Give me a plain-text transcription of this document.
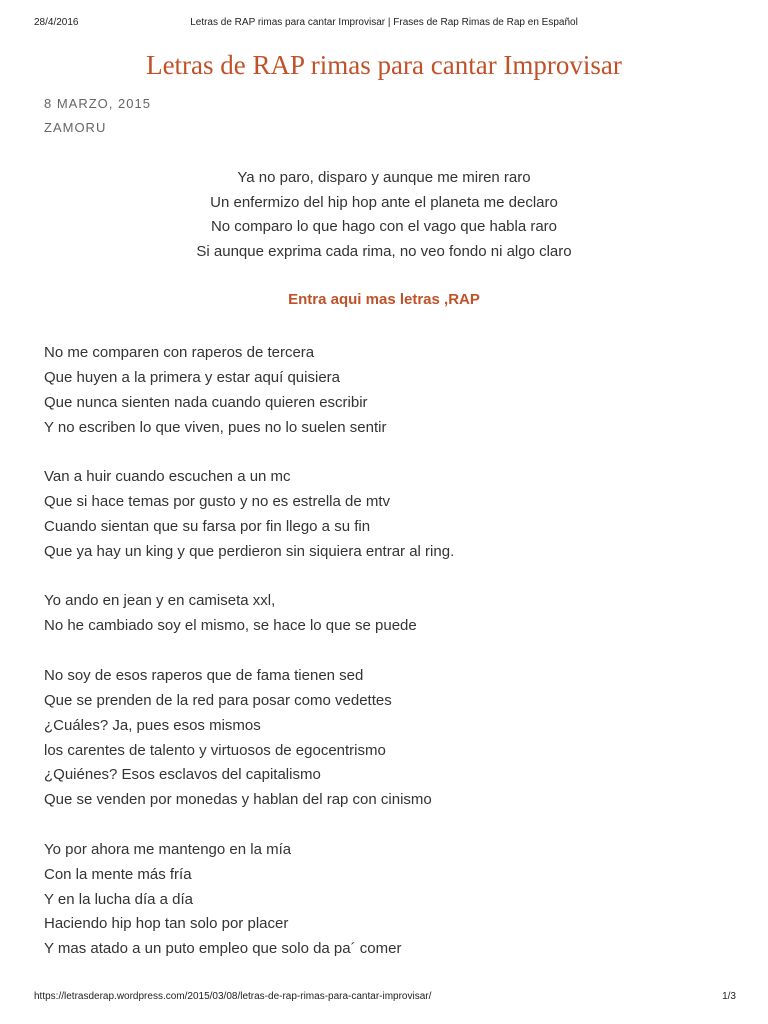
Letras de RAP rimas para cantar Improvisar | Frases de Rap Rimas de Rap en Español
28/4/2016
Letras de RAP rimas para cantar Improvisar
8 MARZO, 2015
ZAMORU
Ya no paro, disparo y aunque me miren raro
Un enfermizo del hip hop ante el planeta me declaro
No comparo lo que hago con el vago que habla raro
Si aunque exprima cada rima, no veo fondo ni algo claro
Entra aqui mas letras ,RAP
No me comparen con raperos de tercera
Que huyen a la primera y estar aquí quisiera
Que nunca sienten nada cuando quieren escribir
Y no escriben lo que viven, pues no lo suelen sentir
Van a huir cuando escuchen a un mc
Que si hace temas por gusto y no es estrella de mtv
Cuando sientan que su farsa por fin llego a su fin
Que ya hay un king y que perdieron sin siquiera entrar al ring.
Yo ando en jean y en camiseta xxl,
No he cambiado soy el mismo, se hace lo que se puede
No soy de esos raperos que de fama tienen sed
Que se prenden de la red para posar como vedettes
¿Cuáles? Ja, pues esos mismos
los carentes de talento y virtuosos de egocentrismo
¿Quiénes? Esos esclavos del capitalismo
Que se venden por monedas y hablan del rap con cinismo
Yo por ahora me mantengo en la mía
Con la mente más fría
Y en la lucha día a día
Haciendo hip hop tan solo por placer
Y mas atado a un puto empleo que solo da pa´ comer
https://letrasderap.wordpress.com/2015/03/08/letras-de-rap-rimas-para-cantar-improvisar/	1/3
